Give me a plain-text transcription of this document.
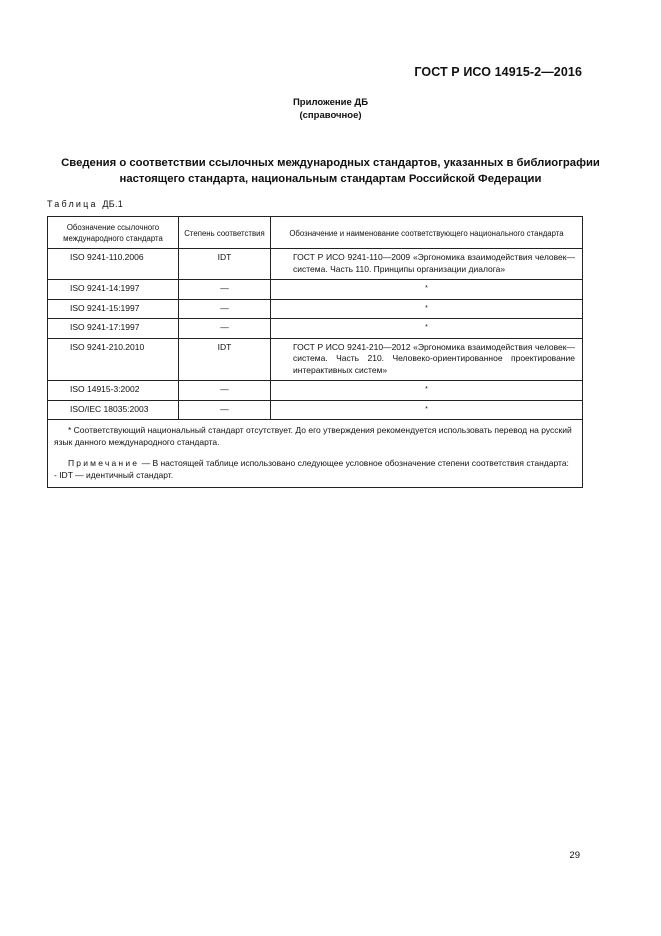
ГОСТ Р ИСО 14915-2—2016
Приложение ДБ
(справочное)
Сведения о соответствии ссылочных международных стандартов, указанных в библиографии
настоящего стандарта, национальным стандартам Российской Федерации
Таблица ДБ.1
Обозначение ссылочного международного стандарта	Степень соответствия	Обозначение и наименование соответствующего национального стандарта
ISO 9241-110.2006	IDT	ГОСТ Р ИСО 9241-110—2009 «Эргономика взаимодействия человек—система. Часть 110. Принципы организации диалога»
ISO 9241-14:1997	—	*
ISO 9241-15:1997	—	*
ISO 9241-17:1997	—	*
ISO 9241-210.2010	IDT	ГОСТ Р ИСО 9241-210—2012 «Эргономика взаимодействия человек—система. Часть 210. Человеко-ориентированное проектирование интерактивных систем»
ISO 14915-3:2002	—	*
ISO/IEC 18035:2003	—	*

* Соответствующий национальный стандарт отсутствует. До его утверждения рекомендуется использовать перевод на русский язык данного международного стандарта.
Примечание — В настоящей таблице использовано следующее условное обозначение степени соответствия стандарта:
- IDT — идентичный стандарт.		
29
